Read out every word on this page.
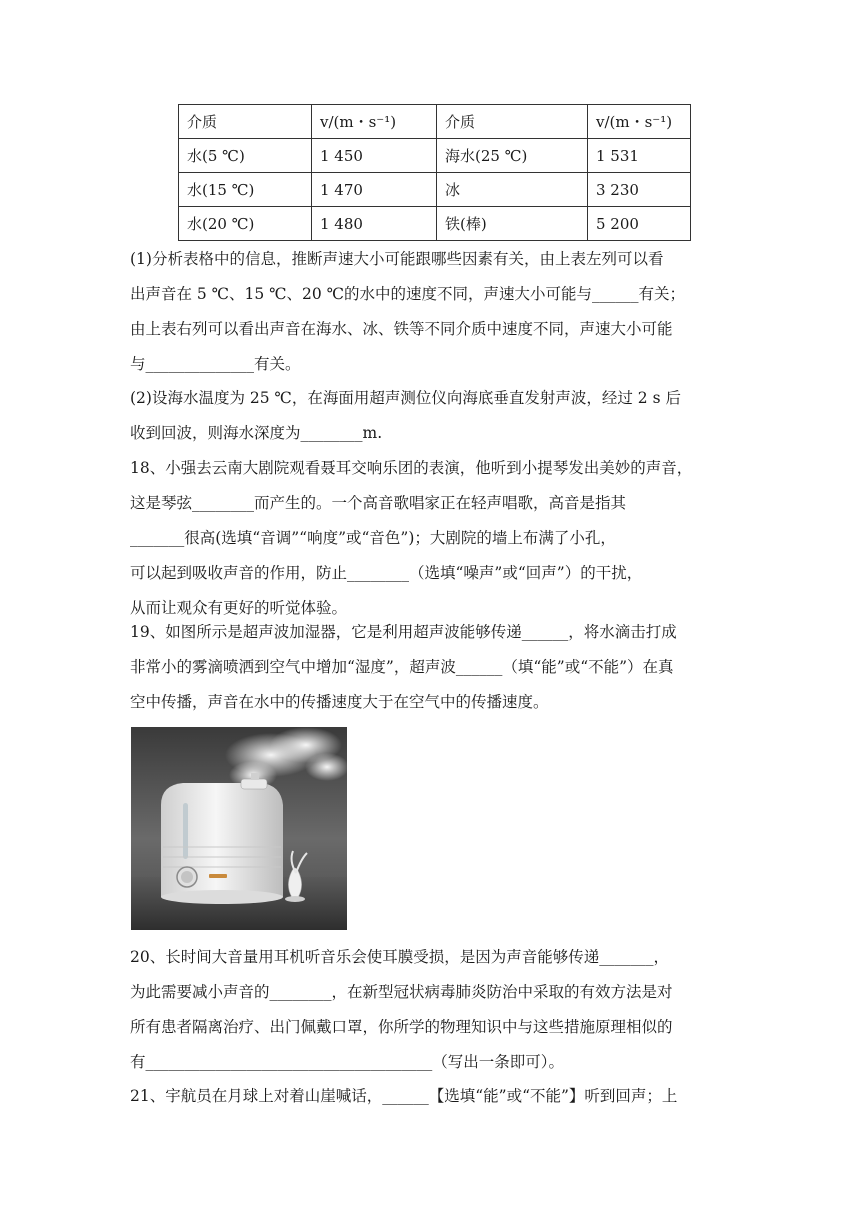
介质	v/(m・s⁻¹)	介质	v/(m・s⁻¹)
水(5 ℃)	1 450	海水(25 ℃)	1 531
水(15 ℃)	1 470	冰	3 230
水(20 ℃)	1 480	铁(棒)	5 200
(1)分析表格中的信息，推断声速大小可能跟哪些因素有关，由上表左列可以看
出声音在 5 ℃、15 ℃、20 ℃的水中的速度不同，声速大小可能与______有关；
由上表右列可以看出声音在海水、冰、铁等不同介质中速度不同，声速大小可能
与______________有关。
(2)设海水温度为 25 ℃，在海面用超声测位仪向海底垂直发射声波，经过 2 s 后
收到回波，则海水深度为________m.
18、小强去云南大剧院观看聂耳交响乐团的表演，他听到小提琴发出美妙的声音，
这是琴弦________而产生的。一个高音歌唱家正在轻声唱歌，高音是指其
_______很高(选填“音调”“响度”或“音色”)；大剧院的墙上布满了小孔，
可以起到吸收声音的作用，防止________（选填“噪声”或“回声”）的干扰，
从而让观众有更好的听觉体验。
19、如图所示是超声波加湿器，它是利用超声波能够传递______，将水滴击打成
非常小的雾滴喷洒到空气中增加“湿度”，超声波______（填“能”或“不能”）在真
空中传播，声音在水中的传播速度大于在空气中的传播速度。
20、长时间大音量用耳机听音乐会使耳膜受损，是因为声音能够传递_______，
为此需要减小声音的________，在新型冠状病毒肺炎防治中采取的有效方法是对
所有患者隔离治疗、出门佩戴口罩，你所学的物理知识中与这些措施原理相似的
有_____________________________________（写出一条即可）。
21、宇航员在月球上对着山崖喊话，______【选填“能”或“不能”】听到回声；上
